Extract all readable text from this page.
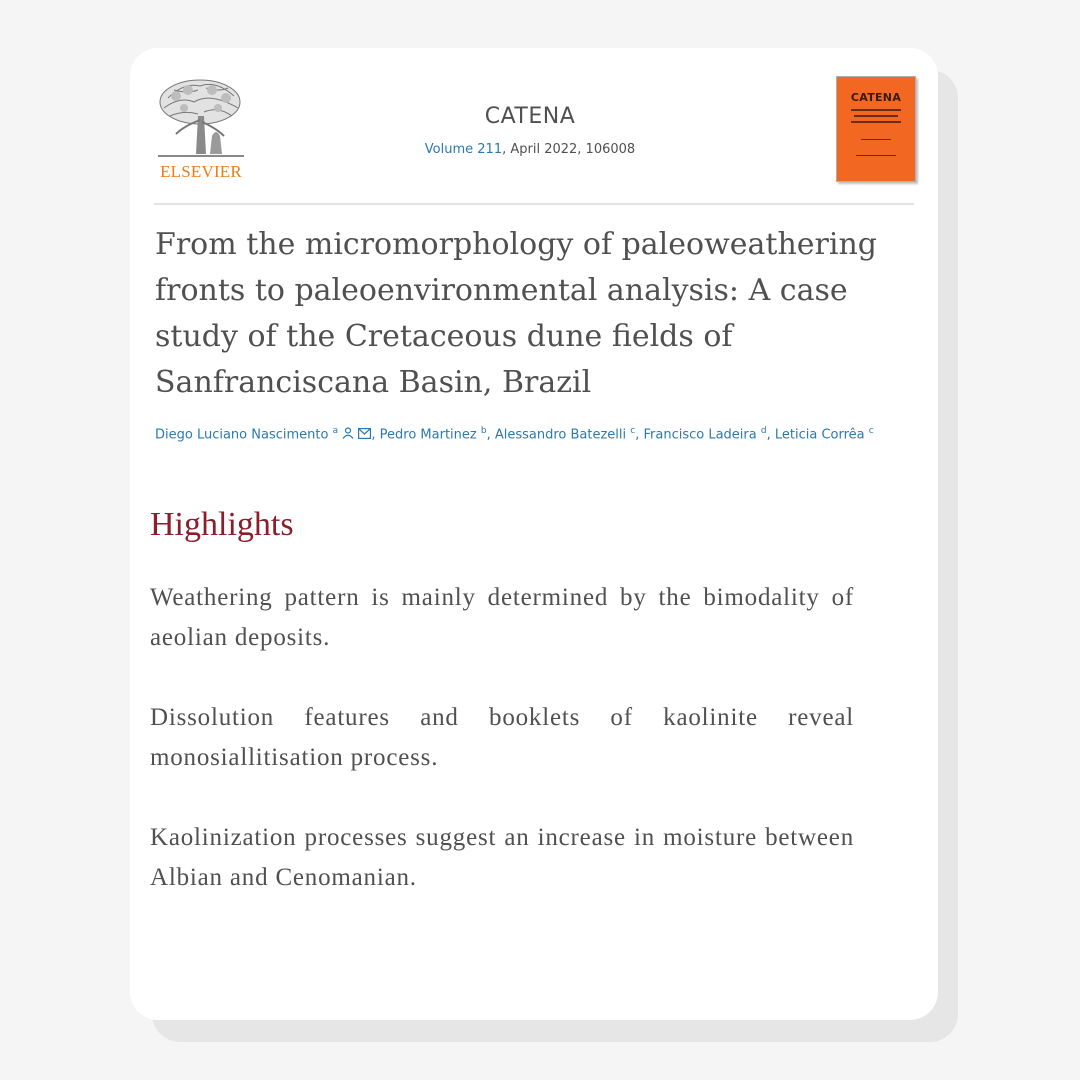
ELSEVIER
CATENA
Volume 211, April 2022, 106008
CATENA
From the micromorphology of paleoweathering fronts to paleoenvironmental analysis: A case study of the Cretaceous dune fields of Sanfranciscana Basin, Brazil
Diego Luciano Nascimento $^a$	, Pedro Martinez $^b$, Alessandro Batezelli $^c$, Francisco Ladeira $^d$, Leticia Corrêa $^c$
Highlights

Weathering pattern is mainly determined by the bimodality of aeolian deposits.

Dissolution features and booklets of kaolinite reveal monosiallitisation process.

Kaolinization processes suggest an increase in moisture between Albian and Cenomanian.
